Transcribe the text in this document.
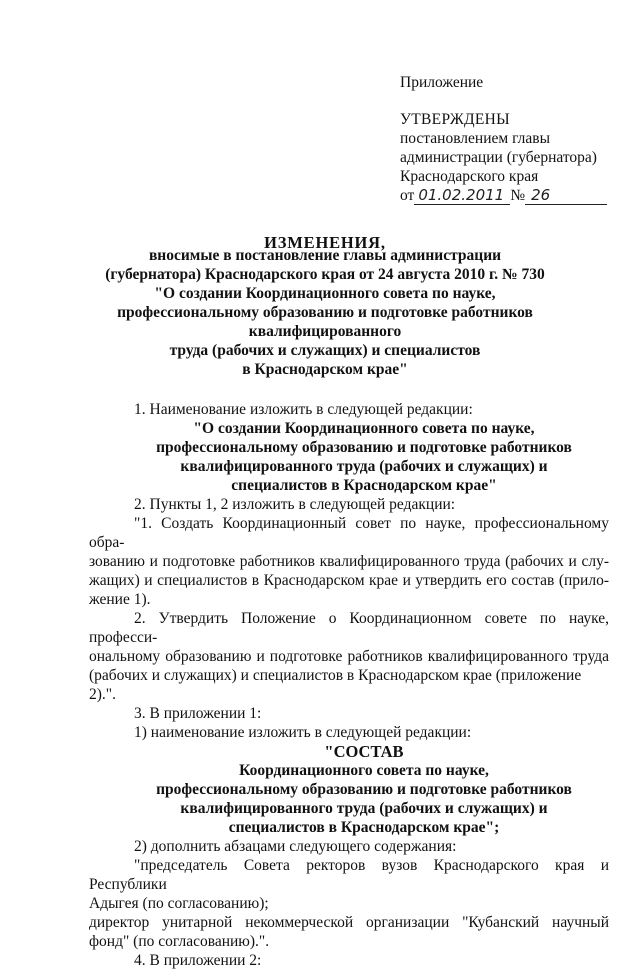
Приложение
УТВЕРЖДЕНЫ
постановлением главы
администрации (губернатора)
Краснодарского края
от 01.02.2011 № 26
ИЗМЕНЕНИЯ,
вносимые в постановление главы администрации
(губернатора) Краснодарского края от 24 августа 2010 г. № 730
"О создании Координационного совета по науке,
профессиональному образованию и подготовке работников квалифицированного
труда (рабочих и служащих) и специалистов
в Краснодарском крае"
1. Наименование изложить в следующей редакции:
"О создании Координационного совета по науке,
профессиональному образованию и подготовке работников
квалифицированного труда (рабочих и служащих) и
специалистов в Краснодарском крае"
2. Пункты 1, 2 изложить в следующей редакции:
"1. Создать Координационный совет по науке, профессиональному обра-
зованию и подготовке работников квалифицированного труда (рабочих и слу-
жащих) и специалистов в Краснодарском крае и утвердить его состав (прило-
жение 1).
2. Утвердить Положение о Координационном совете по науке, професси-
ональному образованию и подготовке работников квалифицированного труда
(рабочих и служащих) и специалистов в Краснодарском крае (приложение 2).".
3. В приложении 1:
1) наименование изложить в следующей редакции:
"СОСТАВ
Координационного совета по науке,
профессиональному образованию и подготовке работников
квалифицированного труда (рабочих и служащих) и
специалистов в Краснодарском крае";
2) дополнить абзацами следующего содержания:
"председатель Совета ректоров вузов Краснодарского края и Республики
Адыгея (по согласованию);
директор унитарной некоммерческой организации "Кубанский научный
фонд" (по согласованию).".
4. В приложении 2:
